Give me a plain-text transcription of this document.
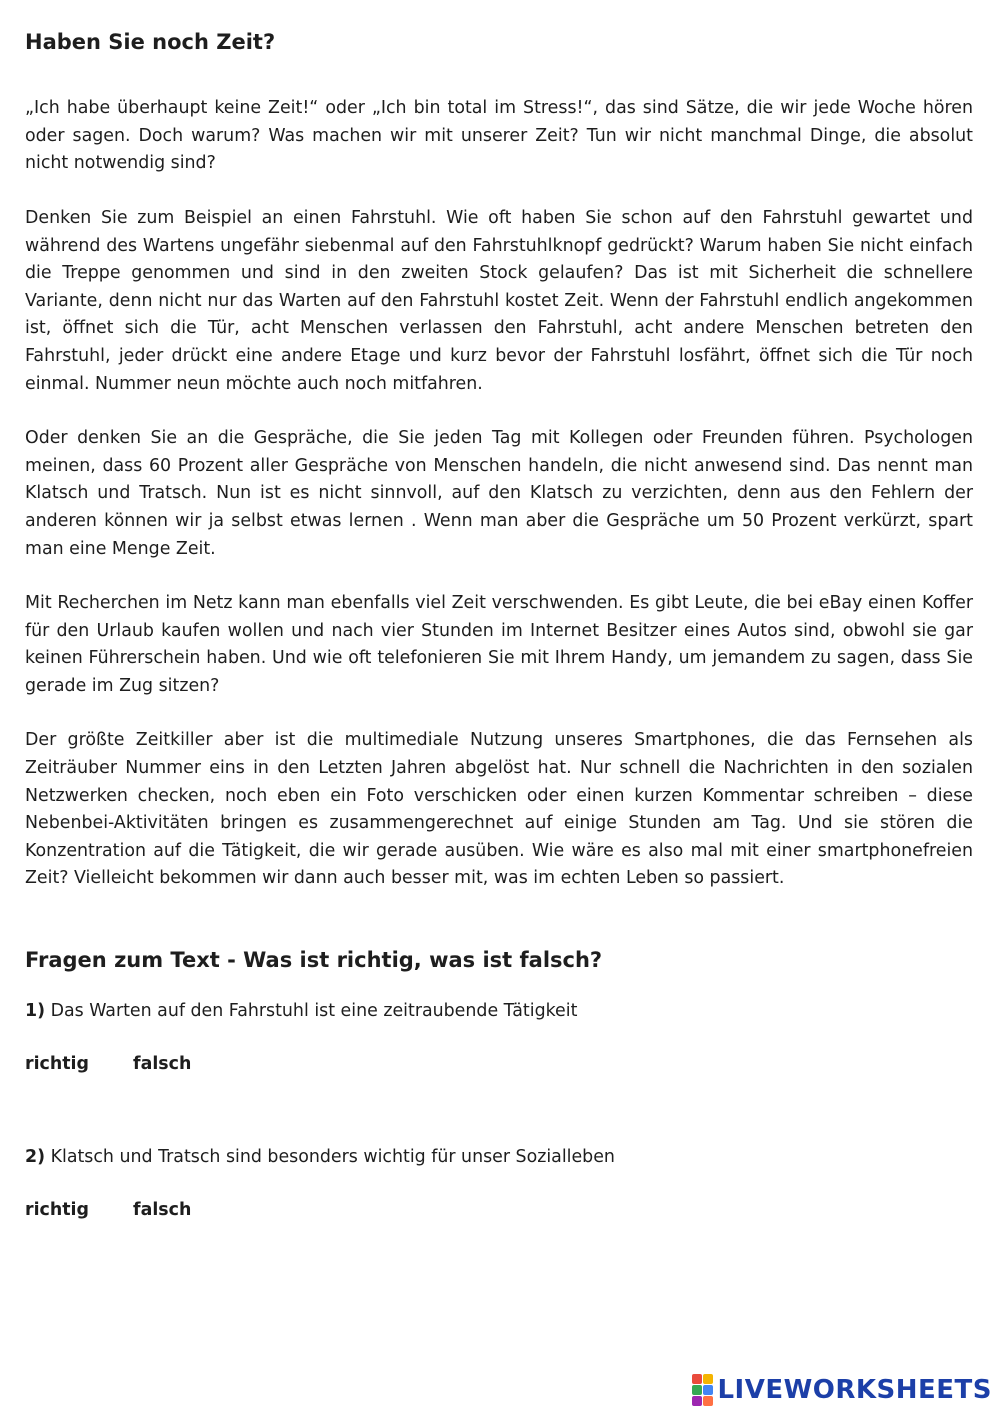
Haben Sie noch Zeit?

„Ich habe überhaupt keine Zeit!“ oder „Ich bin total im Stress!“, das sind Sätze, die wir jede Woche hören oder sagen. Doch warum? Was machen wir mit unserer Zeit? Tun wir nicht manchmal Dinge, die absolut nicht notwendig sind?

Denken Sie zum Beispiel an einen Fahrstuhl. Wie oft haben Sie schon auf den Fahrstuhl gewartet und während des Wartens ungefähr siebenmal auf den Fahrstuhlknopf gedrückt? Warum haben Sie nicht einfach die Treppe genommen und sind in den zweiten Stock gelaufen? Das ist mit Sicherheit die schnellere Variante, denn nicht nur das Warten auf den Fahrstuhl kostet Zeit. Wenn der Fahrstuhl endlich angekommen ist, öffnet sich die Tür, acht Menschen verlassen den Fahrstuhl, acht andere Menschen betreten den Fahrstuhl, jeder drückt eine andere Etage und kurz bevor der Fahrstuhl losfährt, öffnet sich die Tür noch einmal. Nummer neun möchte auch noch mitfahren.

Oder denken Sie an die Gespräche, die Sie jeden Tag mit Kollegen oder Freunden führen. Psychologen meinen, dass 60 Prozent aller Gespräche von Menschen handeln, die nicht anwesend sind. Das nennt man Klatsch und Tratsch. Nun ist es nicht sinnvoll, auf den Klatsch zu verzichten, denn aus den Fehlern der anderen können wir ja selbst etwas lernen . Wenn man aber die Gespräche um 50 Prozent verkürzt, spart man eine Menge Zeit.

Mit Recherchen im Netz kann man ebenfalls viel Zeit verschwenden. Es gibt Leute, die bei eBay einen Koffer für den Urlaub kaufen wollen und nach vier Stunden im Internet Besitzer eines Autos sind, obwohl sie gar keinen Führerschein haben. Und wie oft telefonieren Sie mit Ihrem Handy, um jemandem zu sagen, dass Sie gerade im Zug sitzen?

Der größte Zeitkiller aber ist die multimediale Nutzung unseres Smartphones, die das Fernsehen als Zeiträuber Nummer eins in den Letzten Jahren abgelöst hat. Nur schnell die Nachrichten in den sozialen Netzwerken checken, noch eben ein Foto verschicken oder einen kurzen Kommentar schreiben – diese Nebenbei-Aktivitäten bringen es zusammengerechnet auf einige Stunden am Tag. Und sie stören die Konzentration auf die Tätigkeit, die wir gerade ausüben. Wie wäre es also mal mit einer smartphonefreien Zeit? Vielleicht bekommen wir dann auch besser mit, was im echten Leben so passiert.

Fragen zum Text - Was ist richtig, was ist falsch?
1) Das Warten auf den Fahrstuhl ist eine zeitraubende Tätigkeit
richtig	falsch
2) Klatsch und Tratsch sind besonders wichtig für unser Sozialleben
richtig	falsch
LIVEWORKSHEETS
